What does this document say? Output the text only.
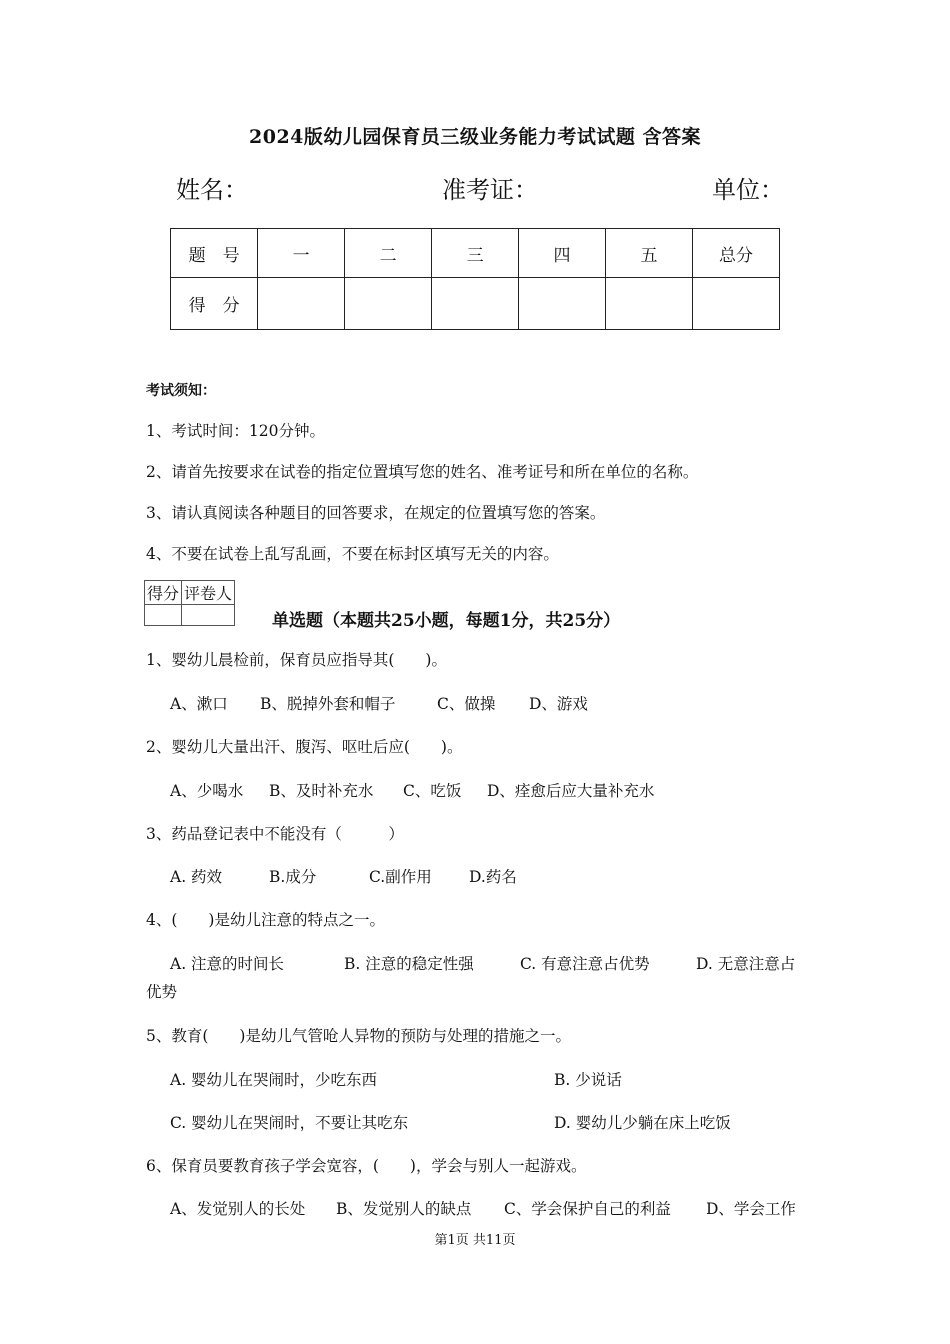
2024版幼儿园保育员三级业务能力考试试题 含答案
姓名：	准考证：	单位：
题　号	一	二	三	四	五	总分
得　分						
考试须知：
1、考试时间：120分钟。
2、请首先按要求在试卷的指定位置填写您的姓名、准考证号和所在单位的名称。
3、请认真阅读各种题目的回答要求，在规定的位置填写您的答案。
4、不要在试卷上乱写乱画，不要在标封区填写无关的内容。
得分	评卷人

单选题（本题共25小题，每题1分，共25分）
1、婴幼儿晨检前，保育员应指导其(　　)。
A、漱口 B、脱掉外套和帽子	C、做操 D、游戏
2、婴幼儿大量出汗、腹泻、呕吐后应(　　)。
A、少喝水 B、及时补充水 C、吃饭 D、痊愈后应大量补充水
3、药品登记表中不能没有（　　　）
A. 药效	B.成分	C.副作用 D.药名
4、(　　)是幼儿注意的特点之一。
A. 注意的时间长	B. 注意的稳定性强	C. 有意注意占优势	D. 无意注意占
优势
5、教育(　　)是幼儿气管呛人异物的预防与处理的措施之一。
A. 婴幼儿在哭闹时，少吃东西	B. 少说话
C. 婴幼儿在哭闹时，不要让其吃东	D. 婴幼儿少躺在床上吃饭
6、保育员要教育孩子学会宽容，(　　)，学会与别人一起游戏。
A、发觉别人的长处 B、发觉别人的缺点 C、学会保护自己的利益 D、学会工作
第1页 共11页
